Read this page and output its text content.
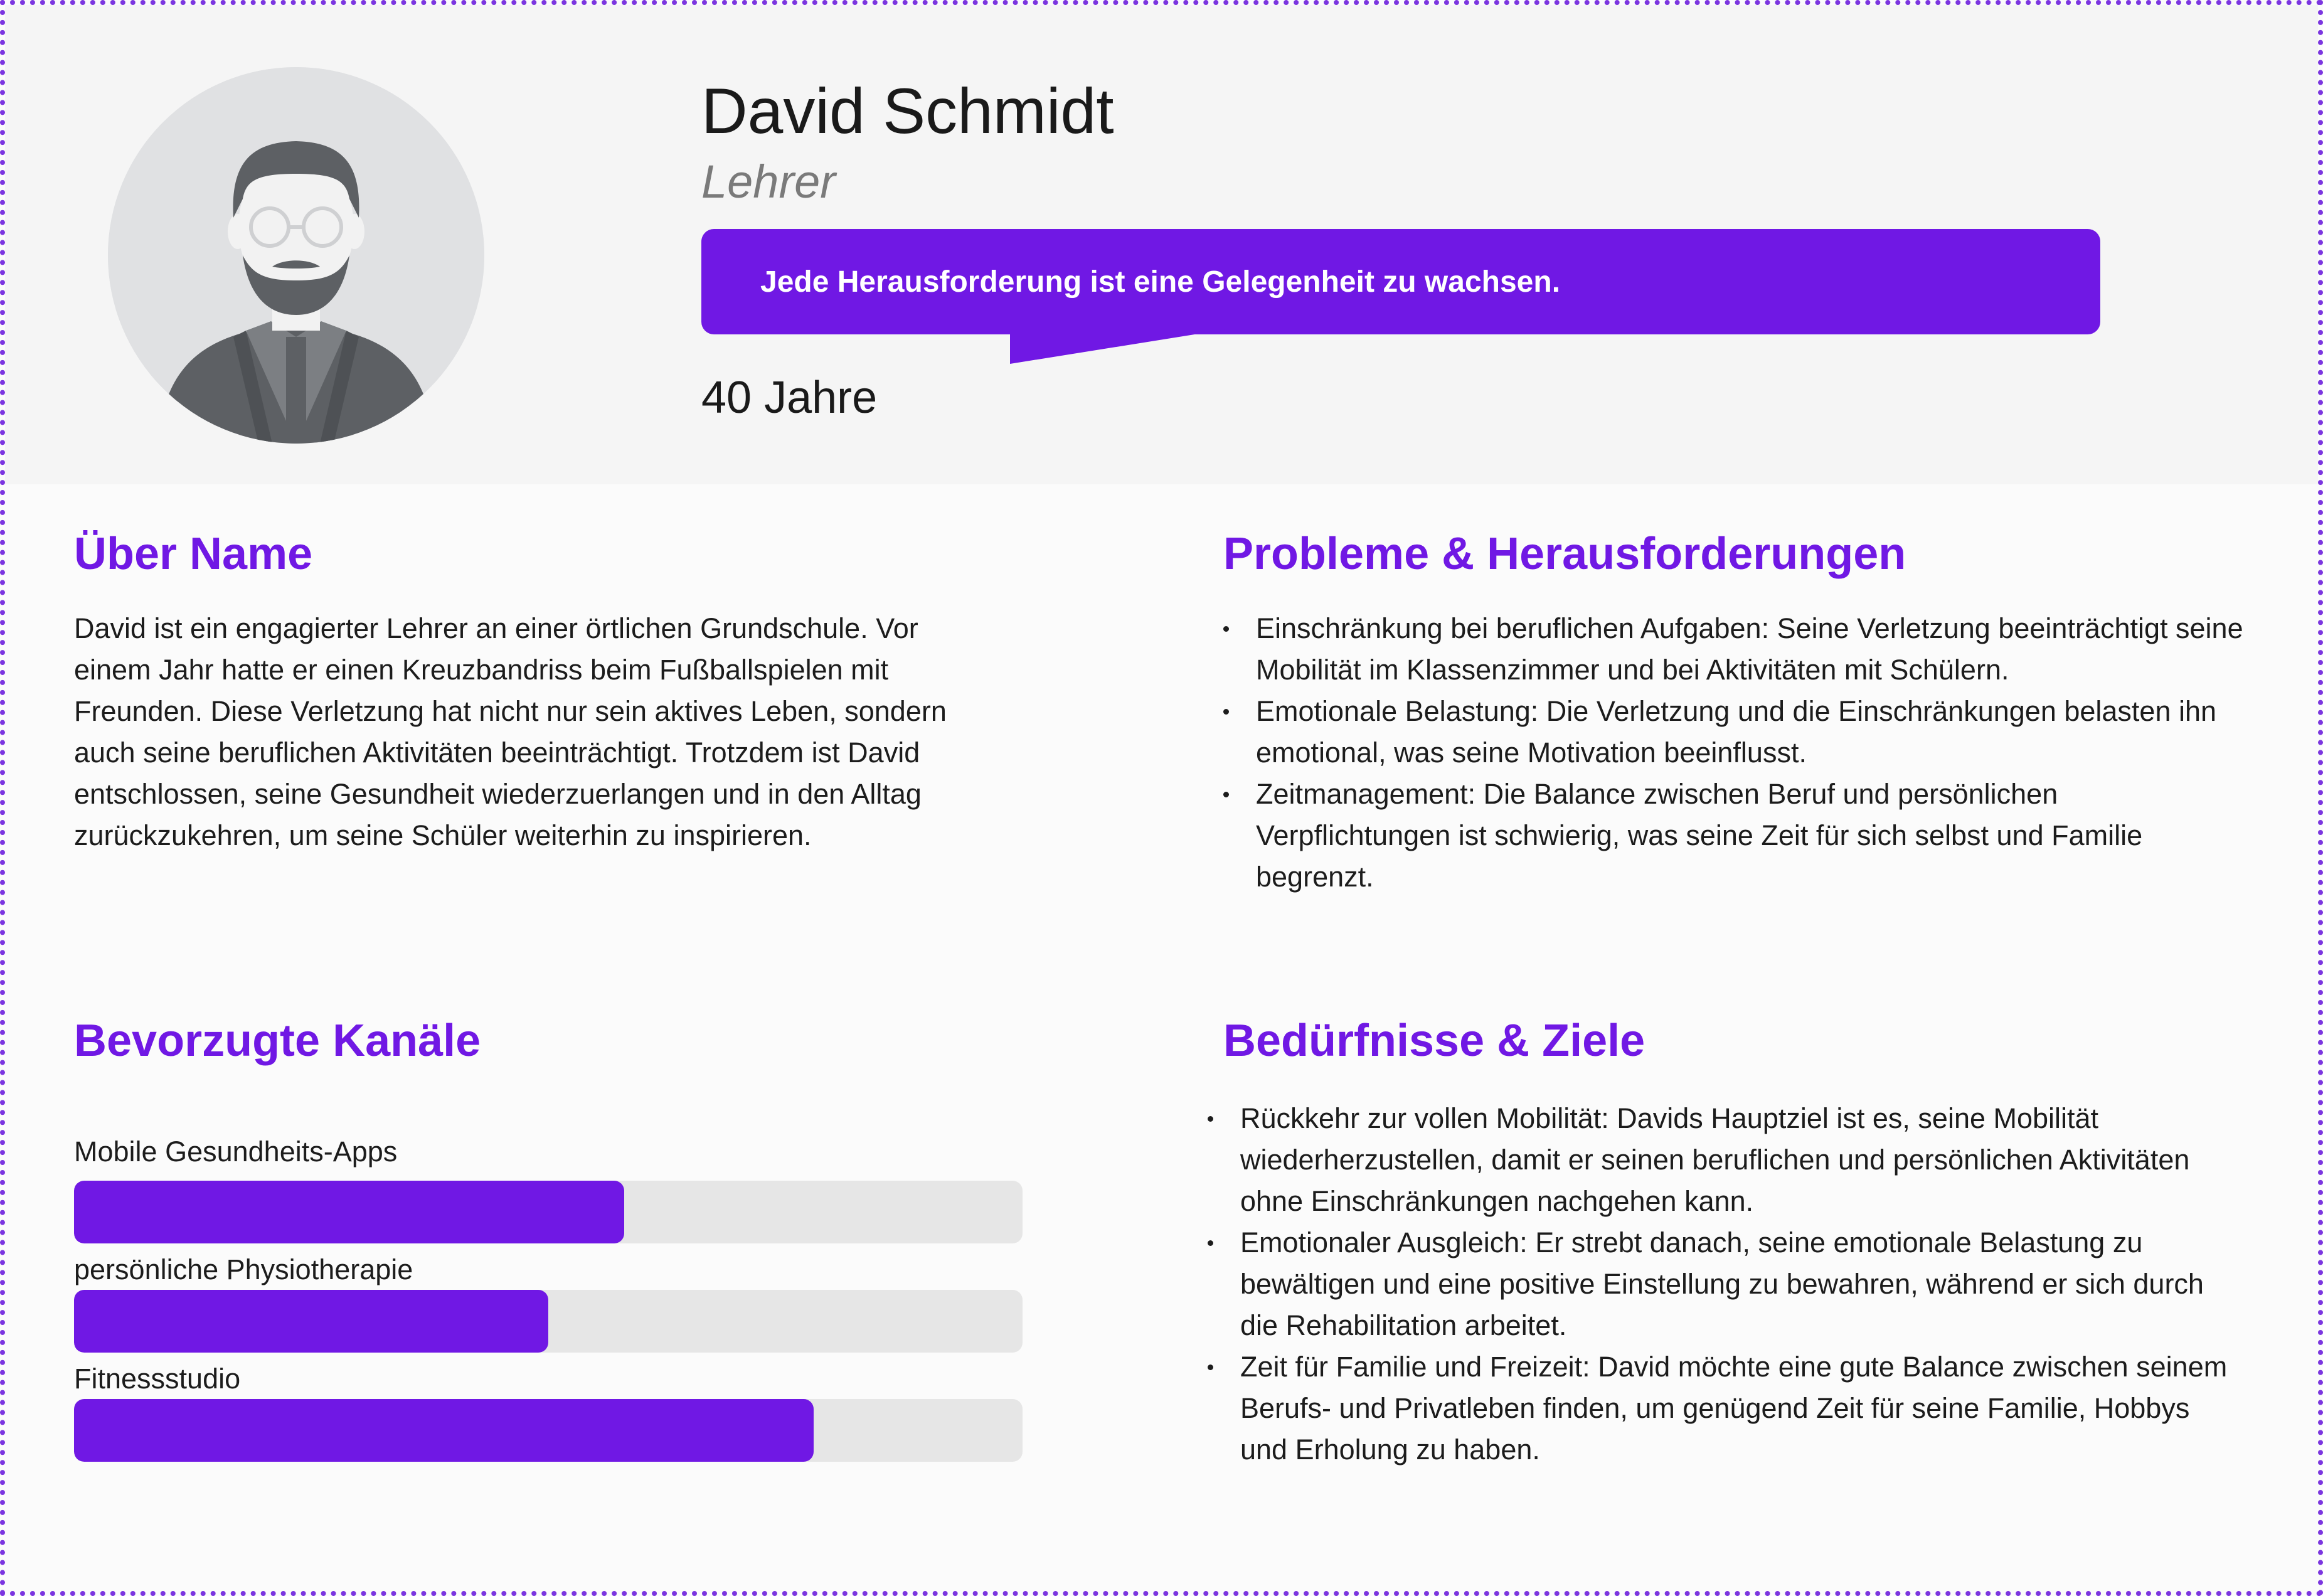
David Schmidt
Lehrer
Jede Herausforderung ist eine Gelegenheit zu wachsen.
40 Jahre
Über Name

David ist ein engagierter Lehrer an einer örtlichen Grundschule. Vor

einem Jahr hatte er einen Kreuzbandriss beim Fußballspielen mit

Freunden. Diese Verletzung hat nicht nur sein aktives Leben, sondern

auch seine beruflichen Aktivitäten beeinträchtigt. Trotzdem ist David

entschlossen, seine Gesundheit wiederzuerlangen und in den Alltag

zurückzukehren, um seine Schüler weiterhin zu inspirieren.

Probleme & Herausforderungen
Einschränkung bei beruflichen Aufgaben: Seine Verletzung beeinträchtigt seine Mobilität im Klassenzimmer und bei Aktivitäten mit Schülern.
Emotionale Belastung: Die Verletzung und die Einschränkungen belasten ihn emotional, was seine Motivation beeinflusst.
Zeitmanagement: Die Balance zwischen Beruf und persönlichen Verpflichtungen ist schwierig, was seine Zeit für sich selbst und Familie begrenzt.
Bevorzugte Kanäle
Mobile Gesundheits-Apps
persönliche Physiotherapie
Fitnessstudio
Bedürfnisse & Ziele
Rückkehr zur vollen Mobilität: Davids Hauptziel ist es, seine Mobilität wiederherzustellen, damit er seinen beruflichen und persönlichen Aktivitäten ohne Einschränkungen nachgehen kann.
Emotionaler Ausgleich: Er strebt danach, seine emotionale Belastung zu bewältigen und eine positive Einstellung zu bewahren, während er sich durch die Rehabilitation arbeitet.
Zeit für Familie und Freizeit: David möchte eine gute Balance zwischen seinem Berufs- und Privatleben finden, um genügend Zeit für seine Familie, Hobbys und Erholung zu haben.
